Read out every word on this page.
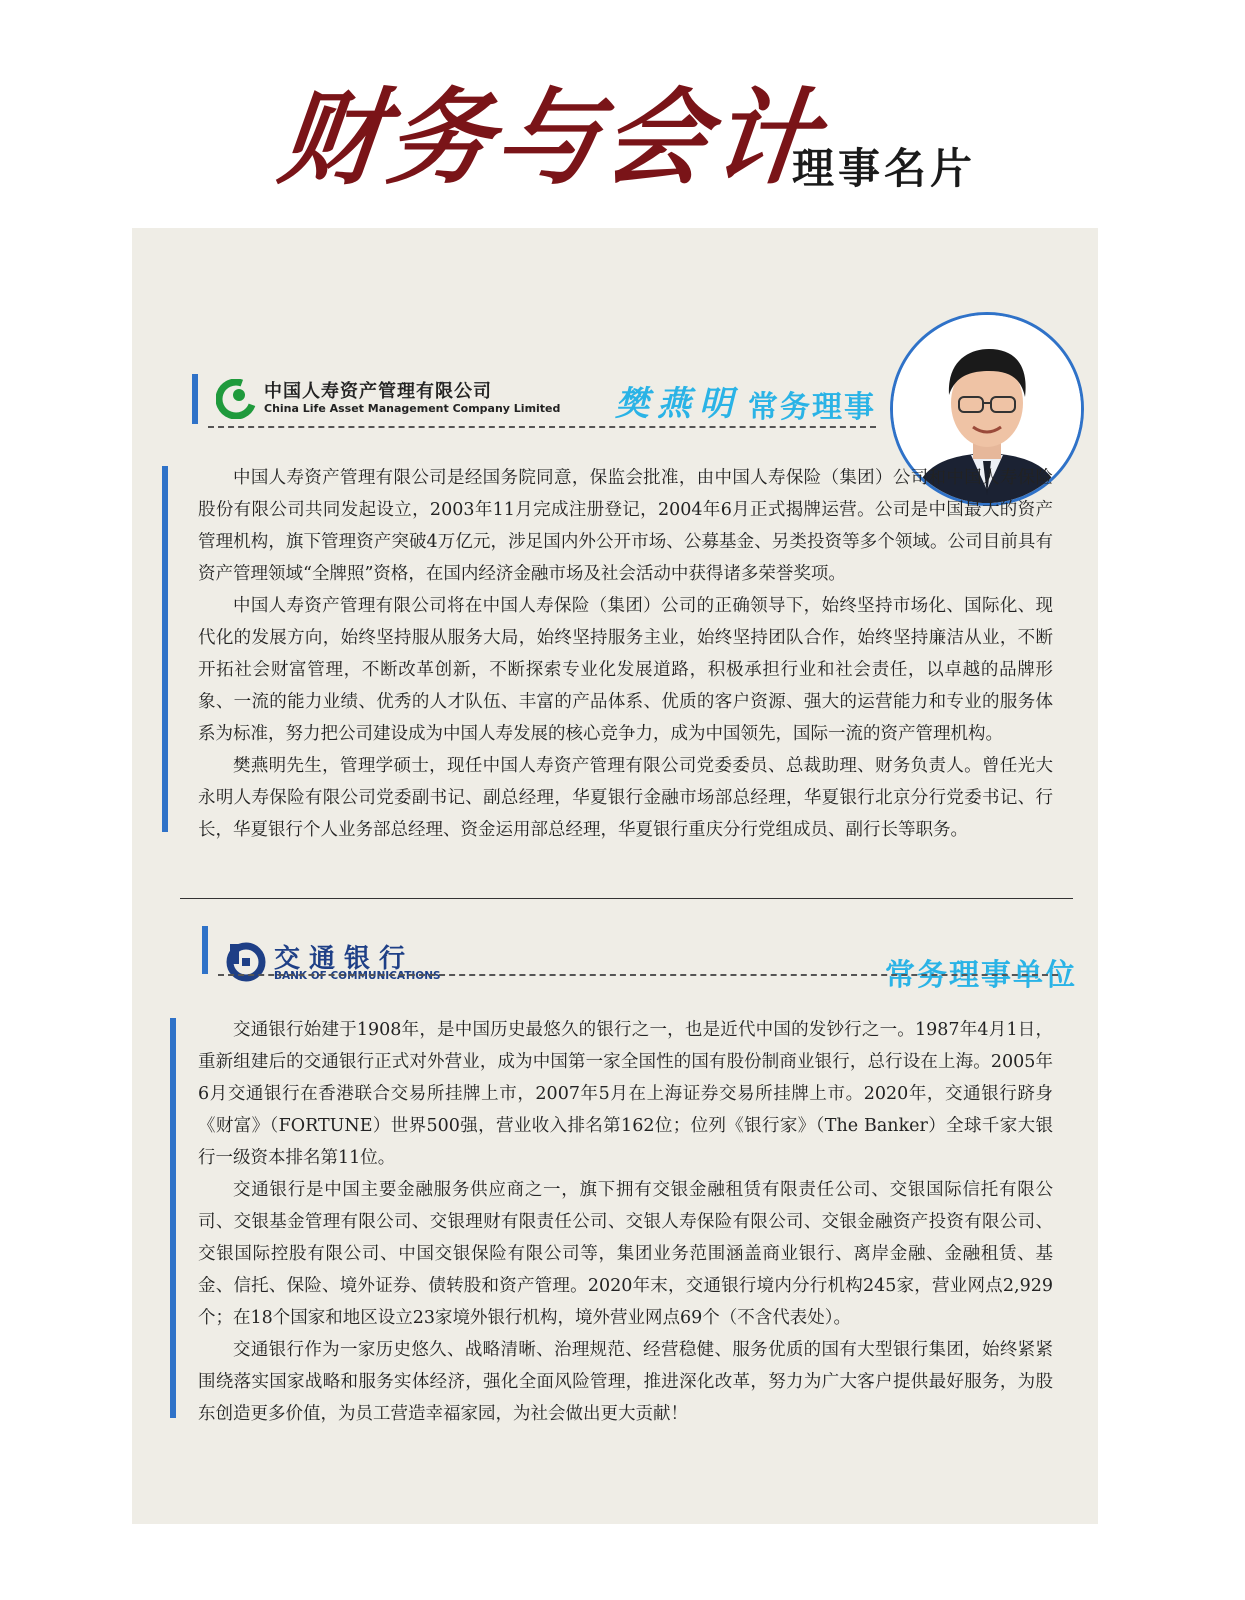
财务与会计
理事名片
中国人寿资产管理有限公司
China Life Asset Management Company Limited 樊燕明 常务理事

中国人寿资产管理有限公司是经国务院同意，保监会批准，由中国人寿保险（集团）公司和中国人寿保险股份有限公司共同发起设立，2003年11月完成注册登记，2004年6月正式揭牌运营。公司是中国最大的资产管理机构，旗下管理资产突破4万亿元，涉足国内外公开市场、公募基金、另类投资等多个领域。公司目前具有资产管理领域“全牌照”资格，在国内经济金融市场及社会活动中获得诸多荣誉奖项。

中国人寿资产管理有限公司将在中国人寿保险（集团）公司的正确领导下，始终坚持市场化、国际化、现代化的发展方向，始终坚持服从服务大局，始终坚持服务主业，始终坚持团队合作，始终坚持廉洁从业，不断开拓社会财富管理，不断改革创新，不断探索专业化发展道路，积极承担行业和社会责任，以卓越的品牌形象、一流的能力业绩、优秀的人才队伍、丰富的产品体系、优质的客户资源、强大的运营能力和专业的服务体系为标准，努力把公司建设成为中国人寿发展的核心竞争力，成为中国领先，国际一流的资产管理机构。

樊燕明先生，管理学硕士，现任中国人寿资产管理有限公司党委委员、总裁助理、财务负责人。曾任光大永明人寿保险有限公司党委副书记、副总经理，华夏银行金融市场部总经理，华夏银行北京分行党委书记、行长，华夏银行个人业务部总经理、资金运用部总经理，华夏银行重庆分行党组成员、副行长等职务。

交通银行
BANK OF COMMUNICATIONS	常务理事单位

交通银行始建于1908年，是中国历史最悠久的银行之一，也是近代中国的发钞行之一。1987年4月1日，重新组建后的交通银行正式对外营业，成为中国第一家全国性的国有股份制商业银行，总行设在上海。2005年6月交通银行在香港联合交易所挂牌上市，2007年5月在上海证券交易所挂牌上市。2020年，交通银行跻身《财富》（FORTUNE）世界500强，营业收入排名第162位；位列《银行家》（The Banker）全球千家大银行一级资本排名第11位。

交通银行是中国主要金融服务供应商之一，旗下拥有交银金融租赁有限责任公司、交银国际信托有限公司、交银基金管理有限公司、交银理财有限责任公司、交银人寿保险有限公司、交银金融资产投资有限公司、交银国际控股有限公司、中国交银保险有限公司等，集团业务范围涵盖商业银行、离岸金融、金融租赁、基金、信托、保险、境外证券、债转股和资产管理。2020年末，交通银行境内分行机构245家，营业网点2,929个；在18个国家和地区设立23家境外银行机构，境外营业网点69个（不含代表处）。

交通银行作为一家历史悠久、战略清晰、治理规范、经营稳健、服务优质的国有大型银行集团，始终紧紧围绕落实国家战略和服务实体经济，强化全面风险管理，推进深化改革，努力为广大客户提供最好服务，为股东创造更多价值，为员工营造幸福家园，为社会做出更大贡献！
